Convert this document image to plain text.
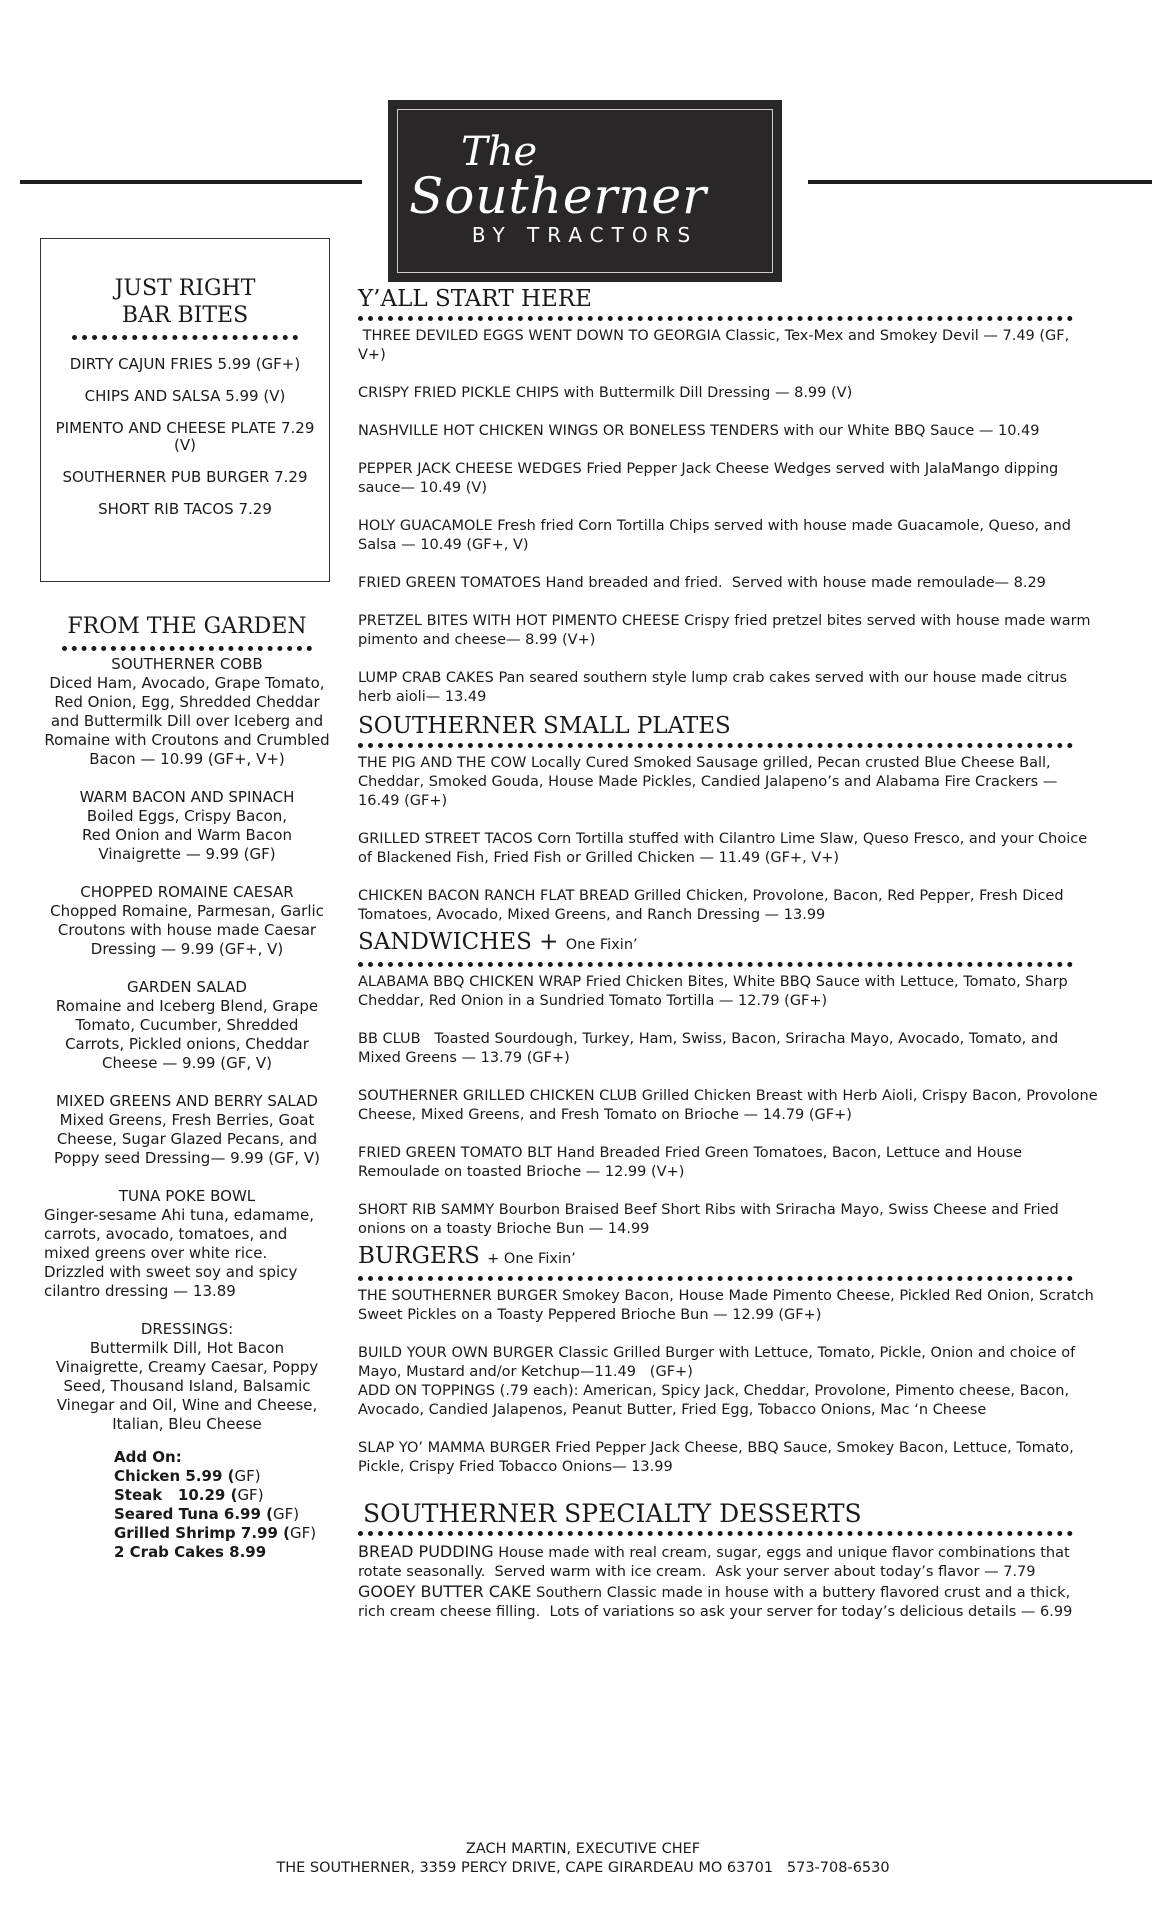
The
Southerner
BY TRACTORS
JUST RIGHT
BAR BITES
DIRTY CAJUN FRIES 5.99 (GF+)
CHIPS AND SALSA 5.99 (V)
PIMENTO AND CHEESE PLATE 7.29 (V)
SOUTHERNER PUB BURGER 7.29
SHORT RIB TACOS 7.29
FROM THE GARDEN
SOUTHERNER COBB
Diced Ham, Avocado, Grape Tomato, Red Onion, Egg, Shredded Cheddar and Buttermilk Dill over Iceberg and Romaine with Croutons and Crumbled Bacon — 10.99 (GF+, V+)
WARM BACON AND SPINACH
Boiled Eggs, Crispy Bacon, Red Onion and Warm Bacon Vinaigrette — 9.99 (GF)
CHOPPED ROMAINE CAESAR
Chopped Romaine, Parmesan, Garlic Croutons with house made Caesar Dressing — 9.99 (GF+, V)
GARDEN SALAD
Romaine and Iceberg Blend, Grape Tomato, Cucumber, Shredded Carrots, Pickled onions, Cheddar Cheese — 9.99 (GF, V)
MIXED GREENS AND BERRY SALAD
Mixed Greens, Fresh Berries, Goat Cheese, Sugar Glazed Pecans, and Poppy seed Dressing— 9.99 (GF, V)
TUNA POKE BOWL
Ginger-sesame Ahi tuna, edamame, carrots, avocado, tomatoes, and mixed greens over white rice. Drizzled with sweet soy and spicy cilantro dressing — 13.89
DRESSINGS:
Buttermilk Dill, Hot Bacon Vinaigrette, Creamy Caesar, Poppy Seed, Thousand Island, Balsamic Vinegar and Oil, Wine and Cheese, Italian, Bleu Cheese
Add On:
Chicken 5.99 (GF)
Steak   10.29 (GF)
Seared Tuna 6.99 (GF)
Grilled Shrimp 7.99 (GF)
2 Crab Cakes 8.99
Y’ALL START HERE
THREE DEVILED EGGS WENT DOWN TO GEORGIA Classic, Tex-Mex and Smokey Devil — 7.49 (GF, V+)
CRISPY FRIED PICKLE CHIPS with Buttermilk Dill Dressing — 8.99 (V)
NASHVILLE HOT CHICKEN WINGS OR BONELESS TENDERS with our White BBQ Sauce — 10.49
PEPPER JACK CHEESE WEDGES Fried Pepper Jack Cheese Wedges served with JalaMango dipping sauce— 10.49 (V)
HOLY GUACAMOLE Fresh fried Corn Tortilla Chips served with house made Guacamole, Queso, and Salsa — 10.49 (GF+, V)
FRIED GREEN TOMATOES Hand breaded and fried.  Served with house made remoulade— 8.29
PRETZEL BITES WITH HOT PIMENTO CHEESE Crispy fried pretzel bites served with house made warm pimento and cheese— 8.99 (V+)
LUMP CRAB CAKES Pan seared southern style lump crab cakes served with our house made citrus herb aioli— 13.49
SOUTHERNER SMALL PLATES
THE PIG AND THE COW Locally Cured Smoked Sausage grilled, Pecan crusted Blue Cheese Ball, Cheddar, Smoked Gouda, House Made Pickles, Candied Jalapeno’s and Alabama Fire Crackers — 16.49 (GF+)
GRILLED STREET TACOS Corn Tortilla stuffed with Cilantro Lime Slaw, Queso Fresco, and your Choice of Blackened Fish, Fried Fish or Grilled Chicken — 11.49 (GF+, V+)
CHICKEN BACON RANCH FLAT BREAD Grilled Chicken, Provolone, Bacon, Red Pepper, Fresh Diced Tomatoes, Avocado, Mixed Greens, and Ranch Dressing — 13.99
SANDWICHES + One Fixin’
ALABAMA BBQ CHICKEN WRAP Fried Chicken Bites, White BBQ Sauce with Lettuce, Tomato, Sharp Cheddar, Red Onion in a Sundried Tomato Tortilla — 12.79 (GF+)
BB CLUB   Toasted Sourdough, Turkey, Ham, Swiss, Bacon, Sriracha Mayo, Avocado, Tomato, and Mixed Greens — 13.79 (GF+)
SOUTHERNER GRILLED CHICKEN CLUB Grilled Chicken Breast with Herb Aioli, Crispy Bacon, Provolone Cheese, Mixed Greens, and Fresh Tomato on Brioche — 14.79 (GF+)
FRIED GREEN TOMATO BLT Hand Breaded Fried Green Tomatoes, Bacon, Lettuce and House Remoulade on toasted Brioche — 12.99 (V+)
SHORT RIB SAMMY Bourbon Braised Beef Short Ribs with Sriracha Mayo, Swiss Cheese and Fried onions on a toasty Brioche Bun — 14.99
BURGERS + One Fixin’
THE SOUTHERNER BURGER Smokey Bacon, House Made Pimento Cheese, Pickled Red Onion, Scratch Sweet Pickles on a Toasty Peppered Brioche Bun — 12.99 (GF+)
BUILD YOUR OWN BURGER Classic Grilled Burger with Lettuce, Tomato, Pickle, Onion and choice of Mayo, Mustard and/or Ketchup—11.49   (GF+)
ADD ON TOPPINGS (.79 each): American, Spicy Jack, Cheddar, Provolone, Pimento cheese, Bacon, Avocado, Candied Jalapenos, Peanut Butter, Fried Egg, Tobacco Onions, Mac ‘n Cheese
SLAP YO’ MAMMA BURGER Fried Pepper Jack Cheese, BBQ Sauce, Smokey Bacon, Lettuce, Tomato, Pickle, Crispy Fried Tobacco Onions— 13.99
SOUTHERNER SPECIALTY DESSERTS
BREAD PUDDING House made with real cream, sugar, eggs and unique flavor combinations that rotate seasonally.  Served warm with ice cream.  Ask your server about today’s flavor — 7.79
GOOEY BUTTER CAKE Southern Classic made in house with a buttery flavored crust and a thick, rich cream cheese filling.  Lots of variations so ask your server for today’s delicious details — 6.99
ZACH MARTIN, EXECUTIVE CHEF
THE SOUTHERNER, 3359 PERCY DRIVE, CAPE GIRARDEAU MO 63701   573-708-6530
